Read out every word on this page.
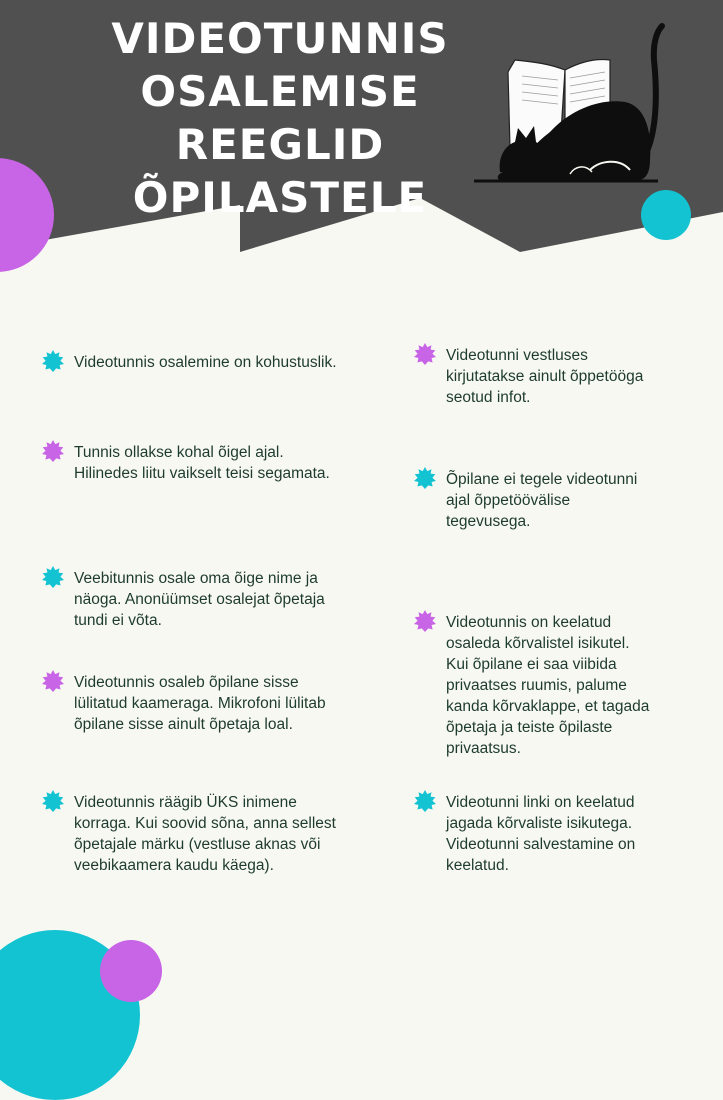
VIDEOTUNNIS
OSALEMISE
REEGLID
ÕPILASTELE
Videotunnis osalemine on kohustuslik.
Tunnis ollakse kohal õigel ajal.
Hilinedes liitu vaikselt teisi segamata.
Veebitunnis osale oma õige nime ja
näoga. Anonüümset osalejat õpetaja
tundi ei võta.
Videotunnis osaleb õpilane sisse
lülitatud kaameraga. Mikrofoni lülitab
õpilane sisse ainult õpetaja loal.
Videotunnis räägib ÜKS inimene
korraga. Kui soovid sõna, anna sellest
õpetajale märku (vestluse aknas või
veebikaamera kaudu käega).
Videotunni vestluses
kirjutatakse ainult õppetööga
seotud infot.
Õpilane ei tegele videotunni
ajal õppetöövälise
tegevusega.
Videotunnis on keelatud
osaleda kõrvalistel isikutel.
Kui õpilane ei saa viibida
privaatses ruumis, palume
kanda kõrvaklappe, et tagada
õpetaja ja teiste õpilaste
privaatsus.
Videotunni linki on keelatud
jagada kõrvaliste isikutega.
Videotunni salvestamine on
keelatud.
